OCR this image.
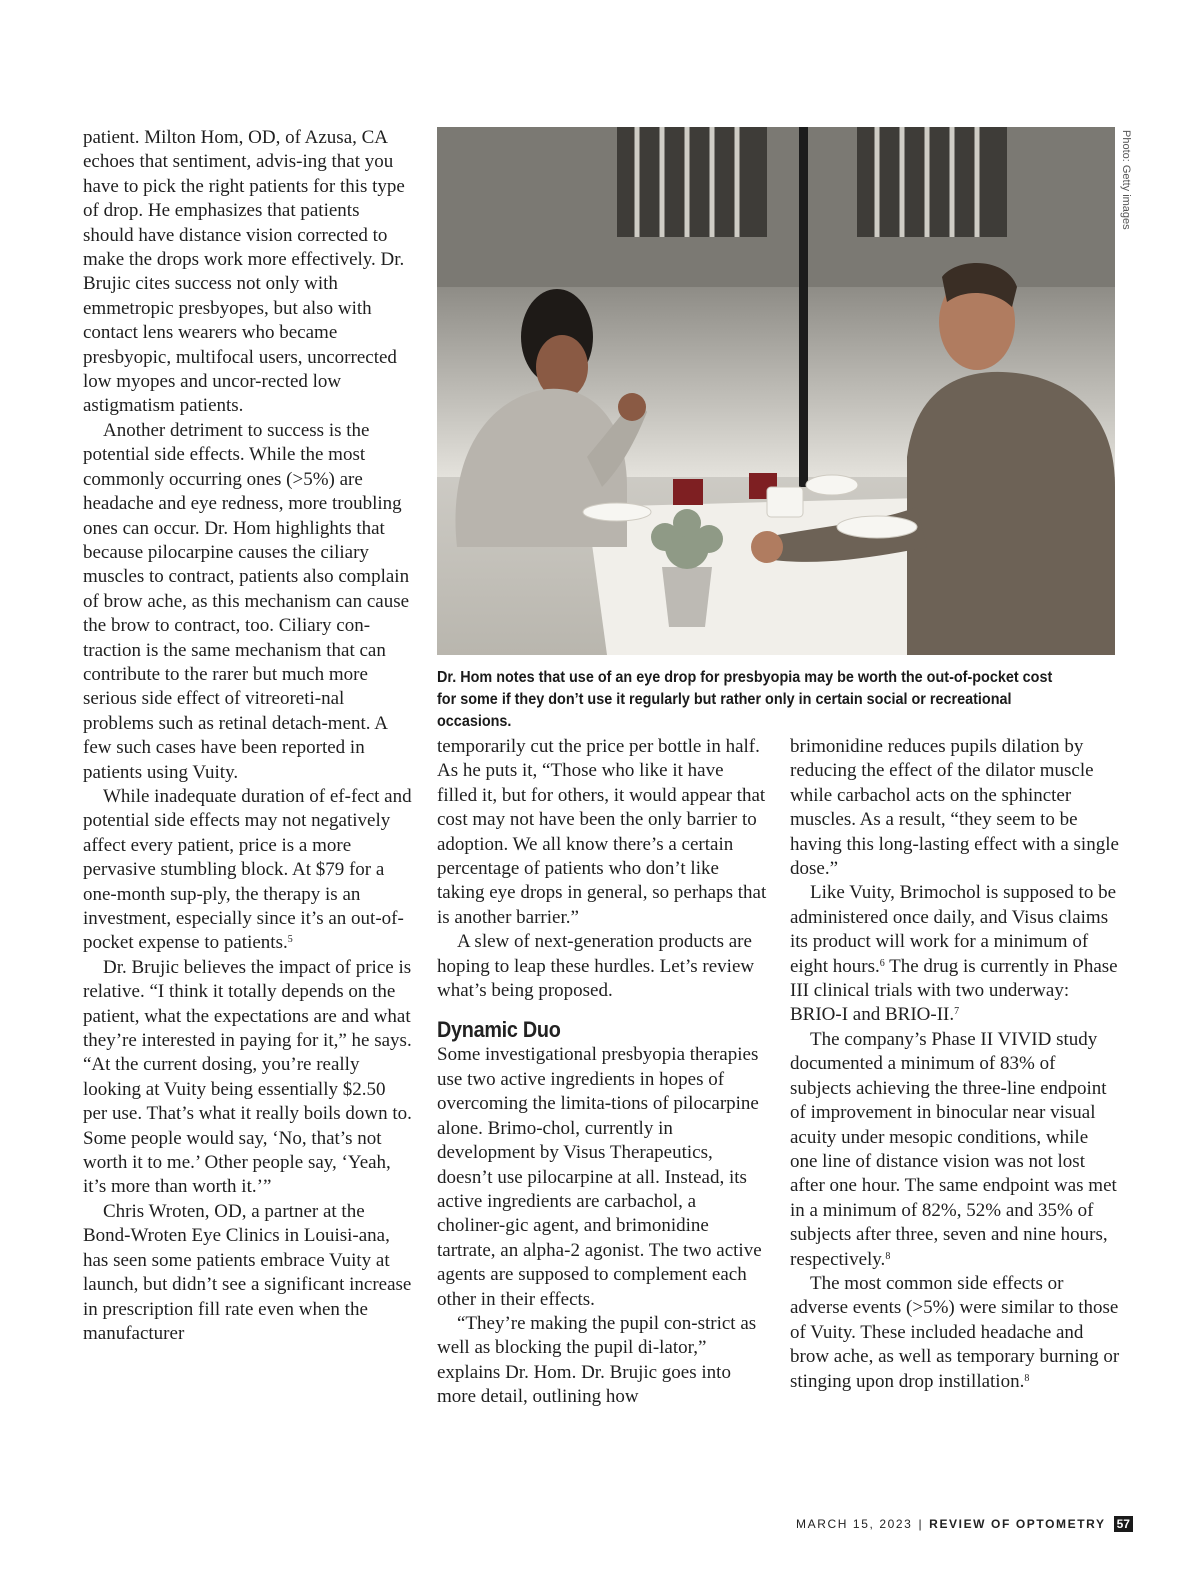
patient. Milton Hom, OD, of Azusa, CA echoes that sentiment, advis-ing that you have to pick the right patients for this type of drop. He emphasizes that patients should have distance vision corrected to make the drops work more effectively. Dr. Brujic cites success not only with emmetropic presbyopes, but also with contact lens wearers who became presbyopic, multifocal users, uncorrected low myopes and uncor-rected low astigmatism patients.

Another detriment to success is the potential side effects. While the most commonly occurring ones (>5%) are headache and eye redness, more troubling ones can occur. Dr. Hom highlights that because pilocarpine causes the ciliary muscles to contract, patients also complain of brow ache, as this mechanism can cause the brow to contract, too. Ciliary con-traction is the same mechanism that can contribute to the rarer but much more serious side effect of vitreoreti-nal problems such as retinal detach-ment. A few such cases have been reported in patients using Vuity.

While inadequate duration of ef-fect and potential side effects may not negatively affect every patient, price is a more pervasive stumbling block. At $79 for a one-month sup-ply, the therapy is an investment, especially since it’s an out-of-pocket expense to patients.$^5$

Dr. Brujic believes the impact of price is relative. “I think it totally depends on the patient, what the expectations are and what they’re interested in paying for it,” he says. “At the current dosing, you’re really looking at Vuity being essentially $2.50 per use. That’s what it really boils down to. Some people would say, ‘No, that’s not worth it to me.’ Other people say, ‘Yeah, it’s more than worth it.’”

Chris Wroten, OD, a partner at the Bond-Wroten Eye Clinics in Louisi-ana, has seen some patients embrace Vuity at launch, but didn’t see a significant increase in prescription fill rate even when the manufacturer

Photo: Getty images
Dr. Hom notes that use of an eye drop for presbyopia may be worth the out-of-pocket cost for some if they don’t use it regularly but rather only in certain social or recreational occasions.

temporarily cut the price per bottle in half. As he puts it, “Those who like it have filled it, but for others, it would appear that cost may not have been the only barrier to adoption. We all know there’s a certain percentage of patients who don’t like taking eye drops in general, so perhaps that is another barrier.”

A slew of next-generation products are hoping to leap these hurdles. Let’s review what’s being proposed.

Dynamic Duo

Some investigational presbyopia therapies use two active ingredients in hopes of overcoming the limita-tions of pilocarpine alone. Brimo-chol, currently in development by Visus Therapeutics, doesn’t use pilocarpine at all. Instead, its active ingredients are carbachol, a choliner-gic agent, and brimonidine tartrate, an alpha-2 agonist. The two active agents are supposed to complement each other in their effects.

“They’re making the pupil con-strict as well as blocking the pupil di-lator,” explains Dr. Hom. Dr. Brujic goes into more detail, outlining how

brimonidine reduces pupils dilation by reducing the effect of the dilator muscle while carbachol acts on the sphincter muscles. As a result, “they seem to be having this long-lasting effect with a single dose.”

Like Vuity, Brimochol is supposed to be administered once daily, and Visus claims its product will work for a minimum of eight hours.$^6$ The drug is currently in Phase III clinical trials with two underway: BRIO-I and BRIO-II.$^7$

The company’s Phase II VIVID study documented a minimum of 83% of subjects achieving the three-line endpoint of improvement in binocular near visual acuity under mesopic conditions, while one line of distance vision was not lost after one hour. The same endpoint was met in a minimum of 82%, 52% and 35% of subjects after three, seven and nine hours, respectively.$^8$

The most common side effects or adverse events (>5%) were similar to those of Vuity. These included headache and brow ache, as well as temporary burning or stinging upon drop instillation.$^8$

MARCH 15, 2023 | REVIEW OF OPTOMETRY 57
